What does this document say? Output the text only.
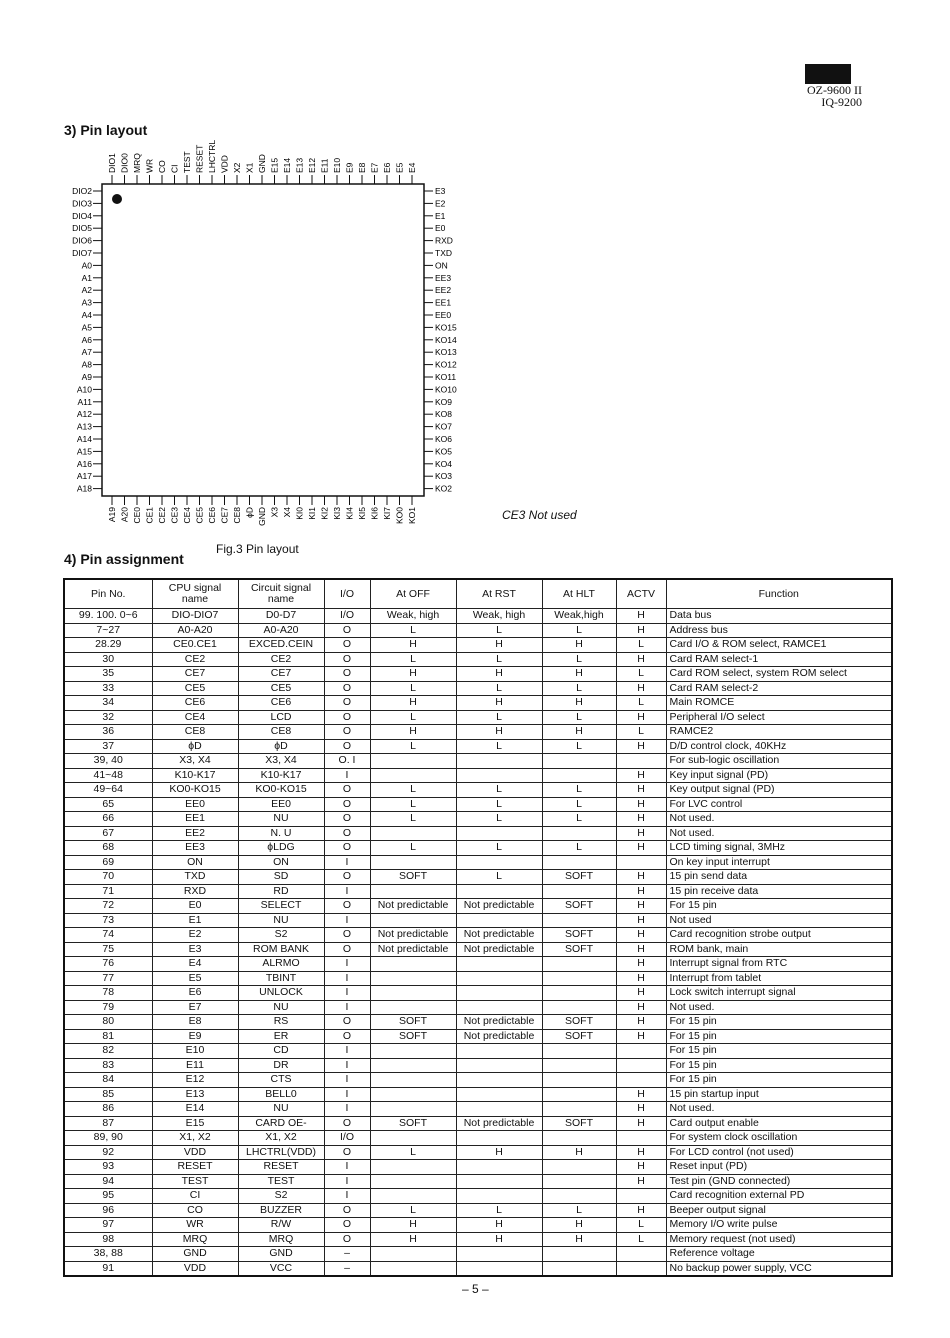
OZ-9600 II
IQ-9200
3) Pin layout
DIO1 DIO0 MRQ WR CO CI TEST RESET LHCTRL VDD X2 X1 GND E15 E14 E13 E12 E11 E10 E9 E8 E7 E6 E5 E4
DIO2
DIO3
DIO4
DIO5
DIO6
DIO7
A0
A1
A2
A3
A4
A5
A6
A7
A8
A9
A10
A11
A12
A13
A14
A15
A16
A17
A18
E3
E2
E1
E0
RXD
TXD
ON
EE3
EE2
EE1
EE0
KO15
KO14
KO13
KO12
KO11
KO10
KO9
KO8
KO7
KO6
KO5
KO4
KO3
KO2
A19 A20 CE0 CE1 CE2 CE3 CE4 CE5 CE6 CE7 CE8 ϕD GND X3 X4 KI0 KI1 KI2 KI3 KI4 KI5 KI6 KI7 KO0 KO1	CE3 Not used
Fig.3 Pin layout
4) Pin assignment
Pin No.	CPU signal name	Circuit signal name	I/O	At OFF	At RST	At HLT	ACTV	Function
99. 100. 0~6	DIO-DIO7	D0-D7	I/O	Weak, high	Weak, high	Weak,high	H	Data bus
7~27	A0-A20	A0-A20	O	L	L	L	H	Address bus
28.29	CE0.CE1	EXCED.CEIN	O	H	H	H	L	Card I/O & ROM select, RAMCE1
30	CE2	CE2	O	L	L	L	H	Card RAM select-1
35	CE7	CE7	O	H	H	H	L	Card ROM select, system ROM select
33	CE5	CE5	O	L	L	L	H	Card RAM select-2
34	CE6	CE6	O	H	H	H	L	Main ROMCE
32	CE4	LCD	O	L	L	L	H	Peripheral I/O select
36	CE8	CE8	O	H	H	H	L	RAMCE2
37	ϕD	ϕD	O	L	L	L	H	D/D control clock, 40KHz
39, 40	X3, X4	X3, X4	O. I					For sub-logic oscillation
41~48	K10-K17	K10-K17	I				H	Key input signal (PD)
49~64	KO0-KO15	KO0-KO15	O	L	L	L	H	Key output signal (PD)
65	EE0	EE0	O	L	L	L	H	For LVC control
66	EE1	NU	O	L	L	L	H	Not used.
67	EE2	N. U	O				H	Not used.
68	EE3	ϕLDG	O	L	L	L	H	LCD timing signal, 3MHz
69	ON	ON	I					On key input interrupt
70	TXD	SD	O	SOFT	L	SOFT	H	15 pin send data
71	RXD	RD	I				H	15 pin receive data
72	E0	SELECT	O	Not predictable	Not predictable	SOFT	H	For 15 pin
73	E1	NU	I				H	Not used
74	E2	S2	O	Not predictable	Not predictable	SOFT	H	Card recognition strobe output
75	E3	ROM BANK	O	Not predictable	Not predictable	SOFT	H	ROM bank, main
76	E4	ALRMO	I				H	Interrupt signal from RTC
77	E5	TBINT	I				H	Interrupt from tablet
78	E6	UNLOCK	I				H	Lock switch interrupt signal
79	E7	NU	I				H	Not used.
80	E8	RS	O	SOFT	Not predictable	SOFT	H	For 15 pin
81	E9	ER	O	SOFT	Not predictable	SOFT	H	For 15 pin
82	E10	CD	I					For 15 pin
83	E11	DR	I					For 15 pin
84	E12	CTS	I					For 15 pin
85	E13	BELL0	I				H	15 pin startup input
86	E14	NU	I				H	Not used.
87	E15	CARD OE-	O	SOFT	Not predictable	SOFT	H	Card output enable
89, 90	X1, X2	X1, X2	I/O					For system clock oscillation
92	VDD	LHCTRL(VDD)	O	L	H	H	H	For LCD control (not used)
93	RESET	RESET	I				H	Reset input (PD)
94	TEST	TEST	I				H	Test pin (GND connected)
95	CI	S2	I					Card recognition external PD
96	CO	BUZZER	O	L	L	L	H	Beeper output signal
97	WR	R/W	O	H	H	H	L	Memory I/O write pulse
98	MRQ	MRQ	O	H	H	H	L	Memory request (not used)
38, 88	GND	GND	–					Reference voltage
91	VDD	VCC	–					No backup power supply, VCC
– 5 –
